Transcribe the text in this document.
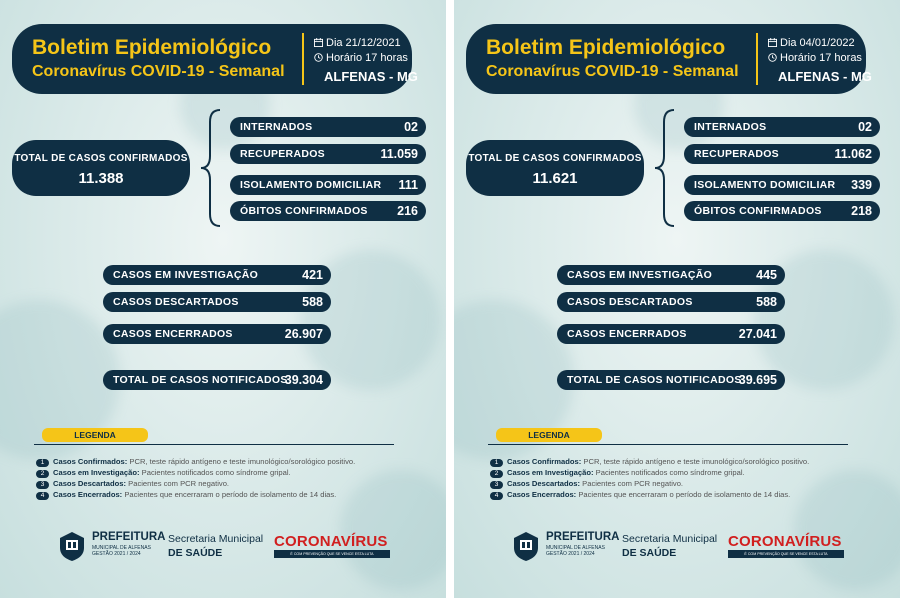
Boletim Epidemiológico
Coronavírus COVID-19 - Semanal
Dia 21/12/2021
Horário 17 horas
ALFENAS - MG
TOTAL DE CASOS CONFIRMADOS
11.388
INTERNADOS	02
RECUPERADOS	11.059
ISOLAMENTO DOMICILIAR 111
ÓBITOS CONFIRMADOS 216
CASOS EM INVESTIGAÇÃO	421
CASOS DESCARTADOS	588
CASOS ENCERRADOS	26.907
TOTAL DE CASOS NOTIFICADOS
39.304
LEGENDA
1 Casos Confirmados: PCR, teste rápido antígeno e teste imunológico/sorológico positivo.
2 Casos em Investigação: Pacientes notificados como síndrome gripal.
3 Casos Descartados: Pacientes com PCR negativo.
4 Casos Encerrados: Pacientes que encerraram o período de isolamento de 14 dias.
PREFEITURA
MUNICIPAL DE ALFENAS
GESTÃO 2021 / 2024
Secretaria Municipal
DE SAÚDE
CORONAVÍRUS
É COM PREVENÇÃO QUE SE VENCE ESTA LUTA
Boletim Epidemiológico
Coronavírus COVID-19 - Semanal
Dia 04/01/2022
Horário 17 horas
ALFENAS - MG
TOTAL DE CASOS CONFIRMADOS
11.621
INTERNADOS	02
RECUPERADOS	11.062
ISOLAMENTO DOMICILIAR 339
ÓBITOS CONFIRMADOS 218
CASOS EM INVESTIGAÇÃO	445
CASOS DESCARTADOS	588
CASOS ENCERRADOS	27.041
TOTAL DE CASOS NOTIFICADOS
39.695
LEGENDA
1 Casos Confirmados: PCR, teste rápido antígeno e teste imunológico/sorológico positivo.
2 Casos em Investigação: Pacientes notificados como síndrome gripal.
3 Casos Descartados: Pacientes com PCR negativo.
4 Casos Encerrados: Pacientes que encerraram o período de isolamento de 14 dias.
PREFEITURA
MUNICIPAL DE ALFENAS
GESTÃO 2021 / 2024
Secretaria Municipal
DE SAÚDE
CORONAVÍRUS
É COM PREVENÇÃO QUE SE VENCE ESTA LUTA
